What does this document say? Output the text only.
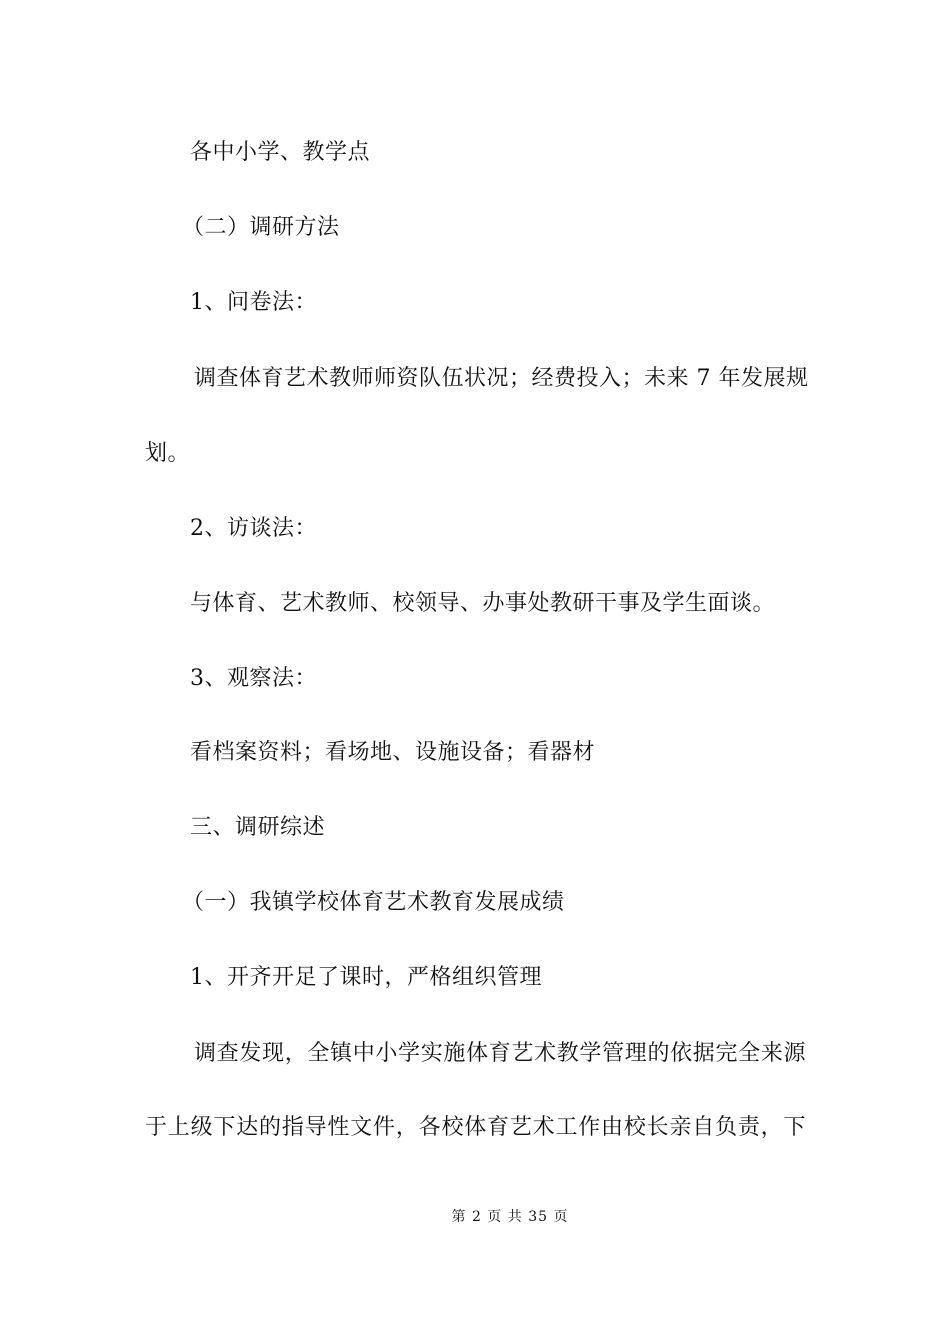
各中小学、教学点
（二）调研方法
1、问卷法：
调查体育艺术教师师资队伍状况；经费投入；未来 7 年发展规
划。
2、访谈法：
与体育、艺术教师、校领导、办事处教研干事及学生面谈。
3、观察法：
看档案资料；看场地、设施设备；看器材
三、调研综述
（一）我镇学校体育艺术教育发展成绩
1、开齐开足了课时，严格组织管理
调查发现，全镇中小学实施体育艺术教学管理的依据完全来源
于上级下达的指导性文件，各校体育艺术工作由校长亲自负责，下
第 2 页 共 35 页
